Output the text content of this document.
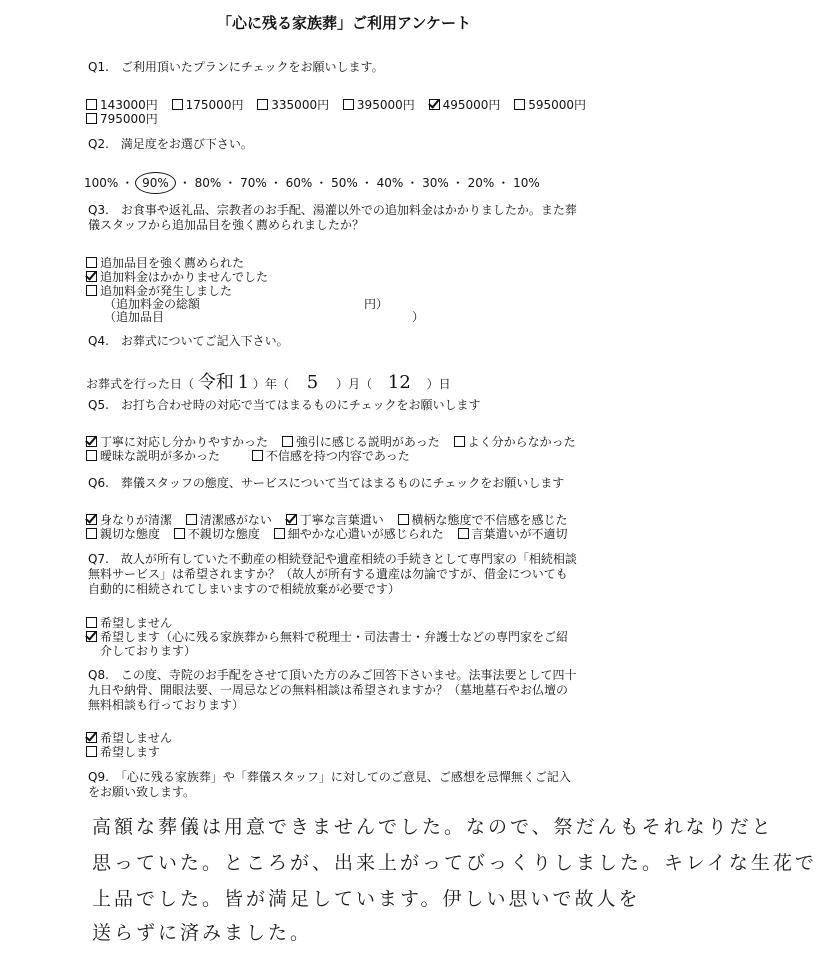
「心に残る家族葬」ご利用アンケート
Q1.　ご利用頂いたプランにチェックをお願いします。
143000円 175000円 335000円 395000円 495000円 595000円
795000円
Q2.　満足度をお選び下さい。
100% ・ 90% ・ 80% ・ 70% ・ 60% ・ 50% ・ 40% ・ 30% ・ 20% ・ 10%
Q3.　お食事や返礼品、宗教者のお手配、湯灌以外での追加料金はかかりましたか。また葬
儀スタッフから追加品目を強く薦められましたか？
追加品目を強く薦められた
追加料金はかかりませんでした
追加料金が発生しました
（追加料金の総額	円）
（追加品目	）
Q4.　お葬式についてご記入下さい。
お葬式を行った日（ 令和 1 ）年（ 5 ）月（ 12 ）日
Q5.　お打ち合わせ時の対応で当てはまるものにチェックをお願いします
丁寧に対応し分かりやすかった 強引に感じる説明があった よく分からなかった
曖昧な説明が多かった	不信感を持つ内容であった
Q6.　葬儀スタッフの態度、サービスについて当てはまるものにチェックをお願いします
身なりが清潔 清潔感がない 丁寧な言葉遣い 横柄な態度で不信感を感じた
親切な態度 不親切な態度 細やかな心遣いが感じられた 言葉遣いが不適切
Q7.　故人が所有していた不動産の相続登記や遺産相続の手続きとして専門家の「相続相談
無料サービス」は希望されますか？（故人が所有する遺産は勿論ですが、借金についても
自動的に相続されてしまいますので相続放棄が必要です）
希望しません
希望します（心に残る家族葬から無料で税理士・司法書士・弁護士などの専門家をご紹
介しております）
Q8.　この度、寺院のお手配をさせて頂いた方のみご回答下さいませ。法事法要として四十
九日や納骨、開眼法要、一周忌などの無料相談は希望されますか？（墓地墓石やお仏壇の
無料相談も行っております）
希望しません
希望します
Q9.　「心に残る家族葬」や「葬儀スタッフ」に対してのご意見、ご感想を忌憚無くご記入
をお願い致します。
高額な葬儀は用意できませんでした。なので、祭だんもそれなりだと
思っていた。ところが、出来上がってびっくりしました。キレイな生花で
上品でした。皆が満足しています。伊しい思いで故人を
送らずに済みました。
